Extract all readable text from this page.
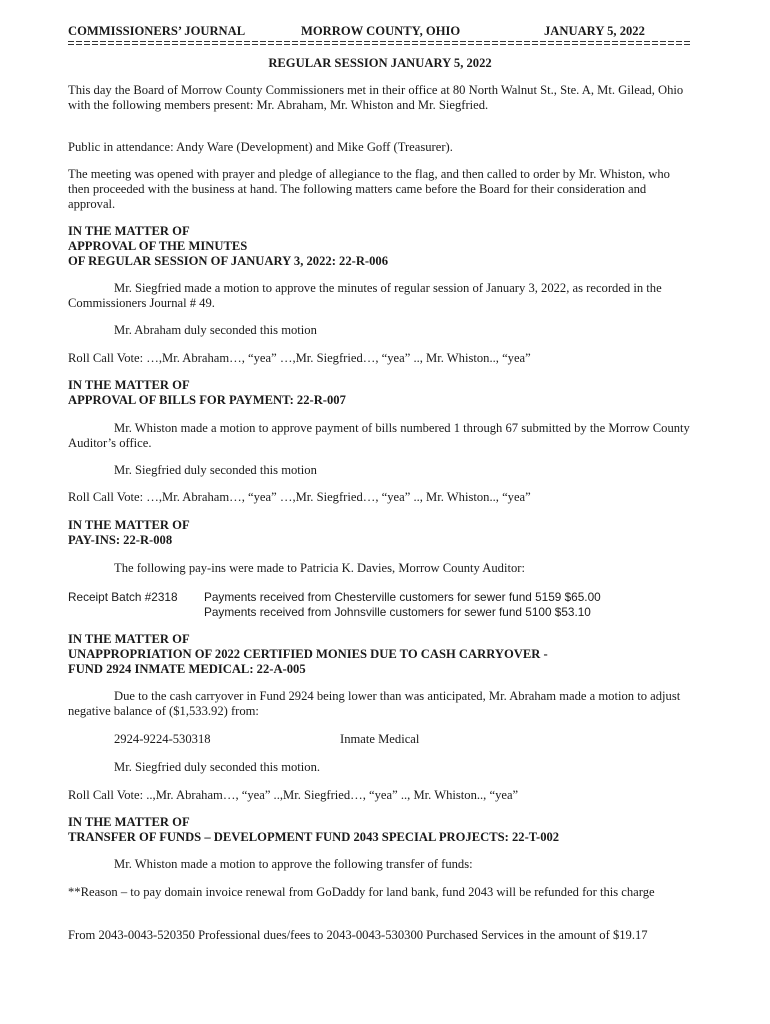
COMMISSIONERS’ JOURNAL	MORROW COUNTY, OHIO	JANUARY 5, 2022

REGULAR SESSION JANUARY 5, 2022

This day the Board of Morrow County Commissioners met in their office at 80 North Walnut St., Ste. A, Mt. Gilead, Ohio with the following members present: Mr. Abraham, Mr. Whiston and Mr. Siegfried.

Public in attendance: Andy Ware (Development) and Mike Goff (Treasurer).

The meeting was opened with prayer and pledge of allegiance to the flag, and then called to order by Mr. Whiston, who then proceeded with the business at hand. The following matters came before the Board for their consideration and approval.

IN THE MATTER OF
APPROVAL OF THE MINUTES
OF REGULAR SESSION OF JANUARY 3, 2022: 22-R-006

Mr. Siegfried made a motion to approve the minutes of regular session of January 3, 2022, as recorded in the Commissioners Journal # 49.

Mr. Abraham duly seconded this motion

Roll Call Vote: …,Mr. Abraham…, “yea” …,Mr. Siegfried…, “yea” .., Mr. Whiston.., “yea”

IN THE MATTER OF
APPROVAL OF BILLS FOR PAYMENT: 22-R-007

Mr. Whiston made a motion to approve payment of bills numbered 1 through 67 submitted by the Morrow County Auditor’s office.

Mr. Siegfried duly seconded this motion

Roll Call Vote: …,Mr. Abraham…, “yea” …,Mr. Siegfried…, “yea” .., Mr. Whiston.., “yea”

IN THE MATTER OF
PAY-INS: 22-R-008

The following pay-ins were made to Patricia K. Davies, Morrow County Auditor:

Receipt Batch #2318 Payments received from Chesterville customers for sewer fund 5159 $65.00
Payments received from Johnsville customers for sewer fund 5100 $53.10
IN THE MATTER OF
UNAPPROPRIATION OF 2022 CERTIFIED MONIES DUE TO CASH CARRYOVER -
FUND 2924 INMATE MEDICAL: 22-A-005

Due to the cash carryover in Fund 2924 being lower than was anticipated, Mr. Abraham made a motion to adjust negative balance of ($1,533.92) from:

2924-9224-530318	Inmate Medical

Mr. Siegfried duly seconded this motion.

Roll Call Vote: ..,Mr. Abraham…, “yea” ..,Mr. Siegfried…, “yea” .., Mr. Whiston.., “yea”

IN THE MATTER OF
TRANSFER OF FUNDS – DEVELOPMENT FUND 2043 SPECIAL PROJECTS: 22-T-002

Mr. Whiston made a motion to approve the following transfer of funds:

**Reason – to pay domain invoice renewal from GoDaddy for land bank, fund 2043 will be refunded for this charge

From 2043-0043-520350 Professional dues/fees to 2043-0043-530300 Purchased Services in the amount of $19.17
